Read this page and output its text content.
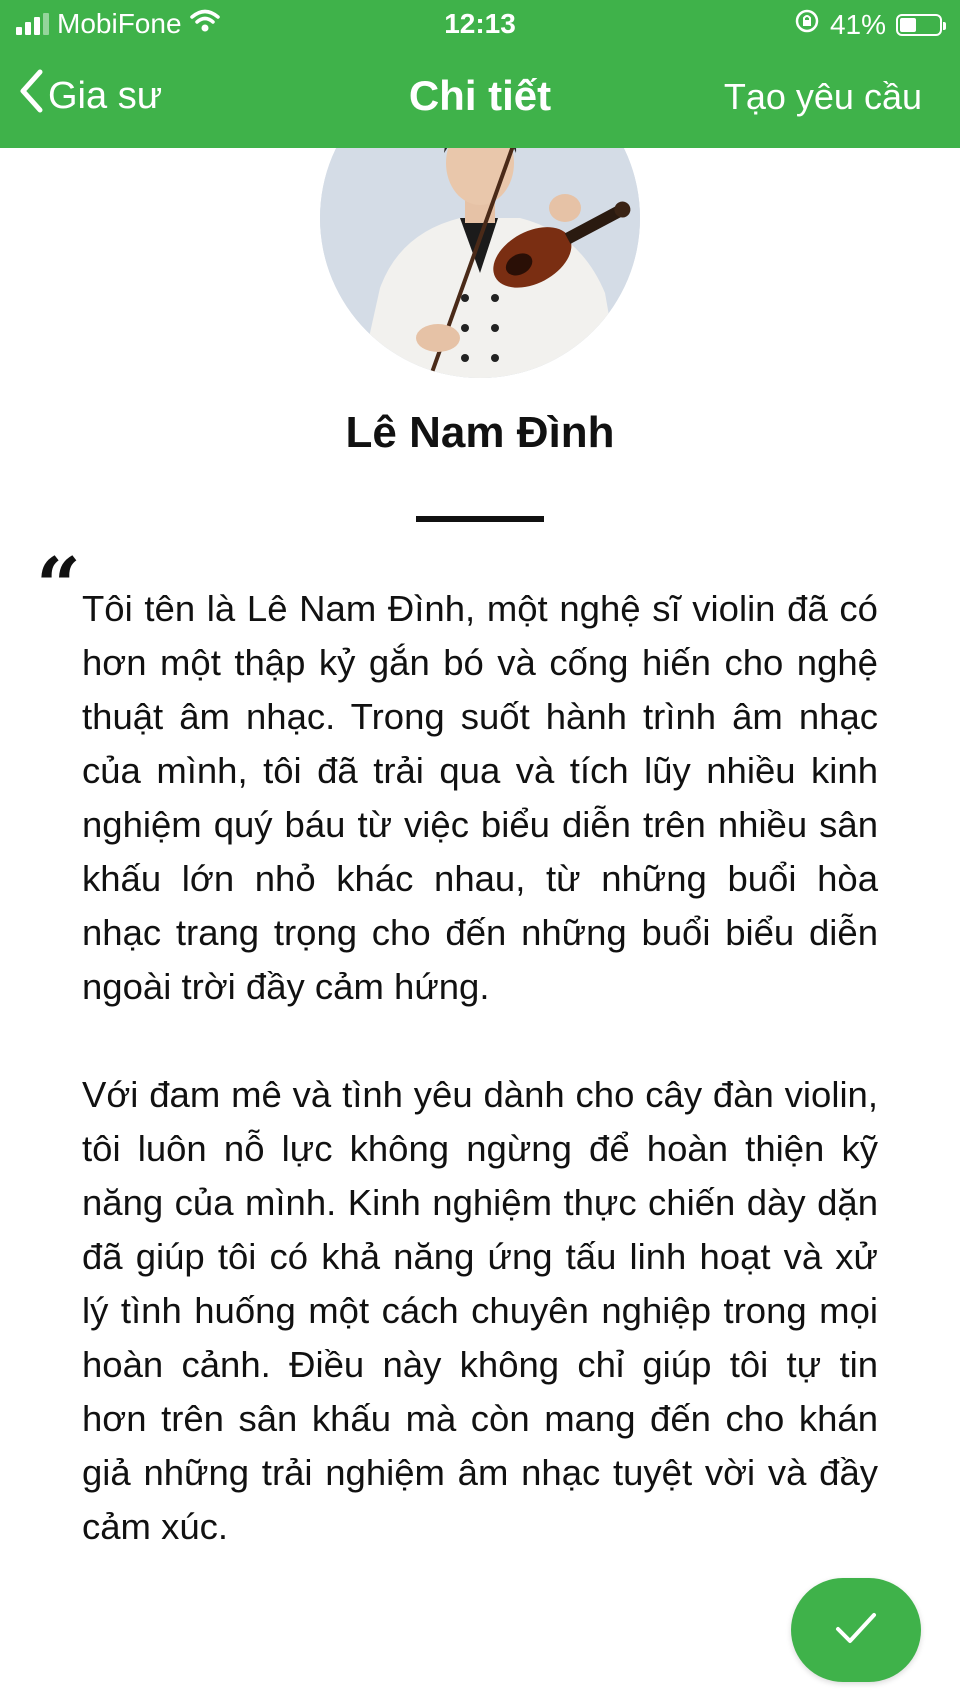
MobiFone	12:13	41%
Gia sư	Chi tiết	Tạo yêu cầu
Lê Nam Đình
“ Tôi tên là Lê Nam Đình, một nghệ sĩ violin đã có hơn một thập kỷ gắn bó và cống hiến cho nghệ thuật âm nhạc. Trong suốt hành trình âm nhạc của mình, tôi đã trải qua và tích lũy nhiều kinh nghiệm quý báu từ việc biểu diễn trên nhiều sân khấu lớn nhỏ khác nhau, từ những buổi hòa nhạc trang trọng cho đến những buổi biểu diễn ngoài trời đầy cảm hứng.

Với đam mê và tình yêu dành cho cây đàn violin, tôi luôn nỗ lực không ngừng để hoàn thiện kỹ năng của mình. Kinh nghiệm thực chiến dày dặn đã giúp tôi có khả năng ứng tấu linh hoạt và xử lý tình huống một cách chuyên nghiệp trong mọi hoàn cảnh. Điều này không chỉ giúp tôi tự tin hơn trên sân khấu mà còn mang đến cho khán giả những trải nghiệm âm nhạc tuyệt vời và đầy cảm xúc.
